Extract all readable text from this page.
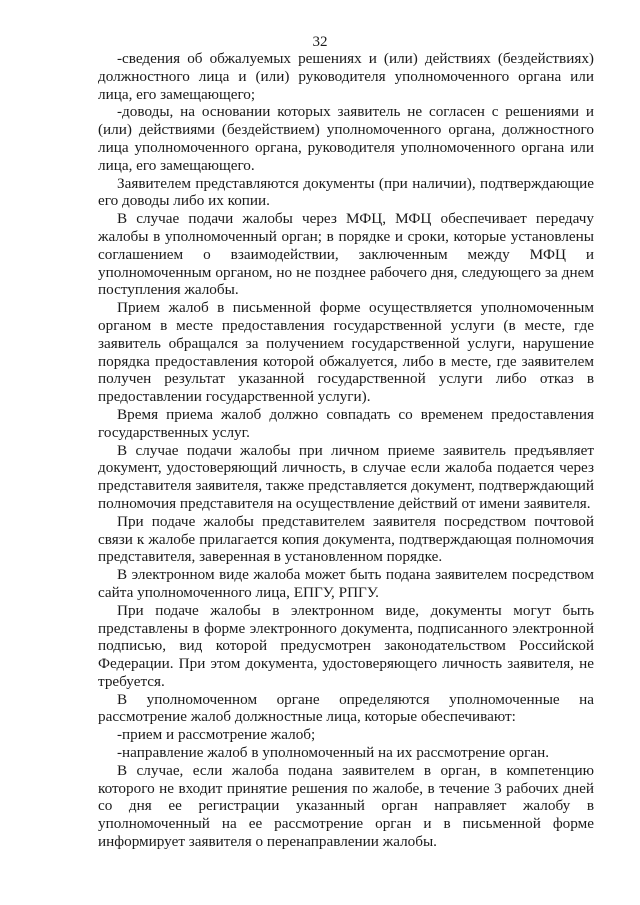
32

-сведения об обжалуемых решениях и (или) действиях (бездействиях) должностного лица и (или) руководителя уполномоченного органа или лица, его замещающего;

-доводы, на основании которых заявитель не согласен с решениями и (или) действиями (бездействием) уполномоченного органа, должностного лица уполномоченного органа, руководителя уполномоченного органа или лица, его замещающего.

Заявителем представляются документы (при наличии), подтверждающие его доводы либо их копии.

В случае подачи жалобы через МФЦ, МФЦ обеспечивает передачу жалобы в уполномоченный орган; в порядке и сроки, которые установлены соглашением о взаимодействии, заключенным между МФЦ и уполномоченным органом, но не позднее рабочего дня, следующего за днем поступления жалобы.

Прием жалоб в письменной форме осуществляется уполномоченным органом в месте предоставления государственной услуги (в месте, где заявитель обращался за получением государственной услуги, нарушение порядка предоставления которой обжалуется, либо в месте, где заявителем получен результат указанной государственной услуги либо отказ в предоставлении государственной услуги).

Время приема жалоб должно совпадать со временем предоставления государственных услуг.

В случае подачи жалобы при личном приеме заявитель предъявляет документ, удостоверяющий личность, в случае если жалоба подается через представителя заявителя, также представляется документ, подтверждающий полномочия представителя на осуществление действий от имени заявителя.

При подаче жалобы представителем заявителя посредством почтовой связи к жалобе прилагается копия документа, подтверждающая полномочия представителя, заверенная в установленном порядке.

В электронном виде жалоба может быть подана заявителем посредством сайта уполномоченного лица, ЕПГУ, РПГУ.

При подаче жалобы в электронном виде, документы могут быть представлены в форме электронного документа, подписанного электронной подписью, вид которой предусмотрен законодательством Российской Федерации. При этом документа, удостоверяющего личность заявителя, не требуется.

В уполномоченном органе определяются уполномоченные на рассмотрение жалоб должностные лица, которые обеспечивают:

-прием и рассмотрение жалоб;

-направление жалоб в уполномоченный на их рассмотрение орган.

В случае, если жалоба подана заявителем в орган, в компетенцию которого не входит принятие решения по жалобе, в течение 3 рабочих дней со дня ее регистрации указанный орган направляет жалобу в уполномоченный на ее рассмотрение орган и в письменной форме информирует заявителя о перенаправлении жалобы.
